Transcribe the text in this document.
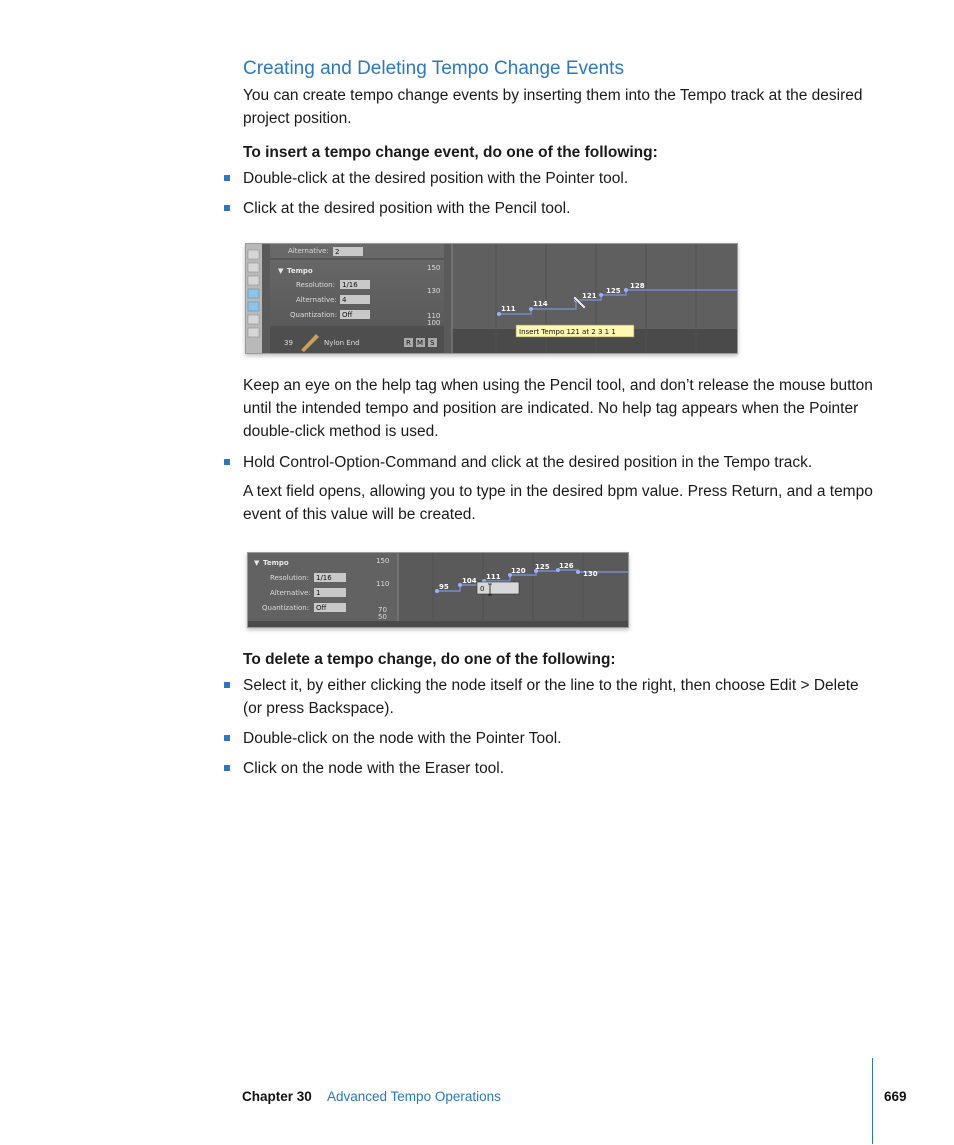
Creating and Deleting Tempo Change Events
You can create tempo change events by inserting them into the Tempo track at the desired project position.
To insert a tempo change event, do one of the following:
Double-click at the desired position with the Pointer tool.
Click at the desired position with the Pencil tool.
Alternative: 2
▼ Tempo
Resolution: 1/16
Alternative: 4
Quantization: Off
150
130
110
100
39	Nylon End	R M S
111
114
121
125
128
Insert Tempo 121 at 2 3 1 1
Keep an eye on the help tag when using the Pencil tool, and don’t release the mouse button until the intended tempo and position are indicated. No help tag appears when the Pointer double-click method is used.
Hold Control-Option-Command and click at the desired position in the Tempo track.
A text field opens, allowing you to type in the desired bpm value. Press Return, and a tempo event of this value will be created.
▼ Tempo
Resolution: 1/16
Alternative: 1
Quantization: Off
150
110
70
50
95
104 111
120 125 126
130
0
To delete a tempo change, do one of the following:
Select it, by either clicking the node itself or the line to the right, then choose Edit > Delete (or press Backspace).
Double-click on the node with the Pointer Tool.
Click on the node with the Eraser tool.
Chapter 30 Advanced Tempo Operations	669
